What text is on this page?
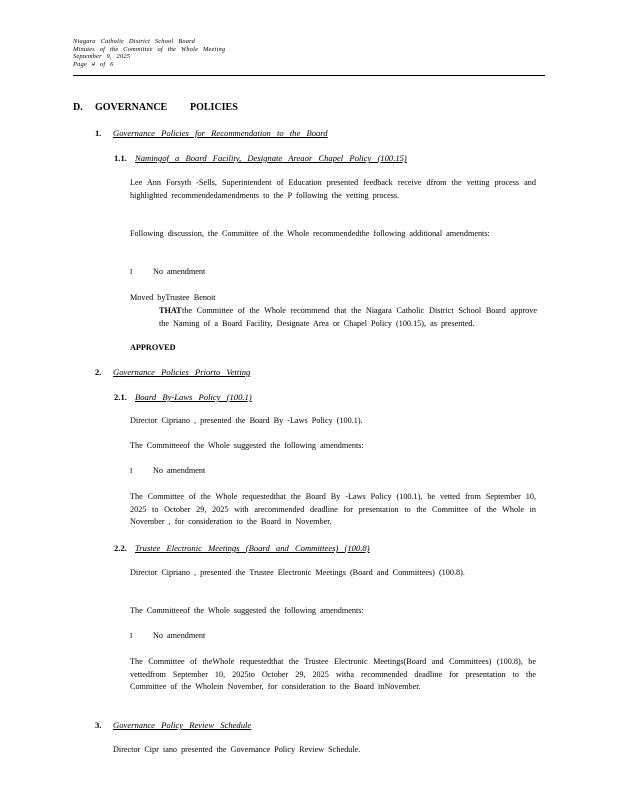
Niagara Catholic District School Board
Minutes of the Committee of the Whole Meeting
September 9, 2025
Page 4 of 6
D. GOVERNANCE POLICIES
1. Governance Policies for Recommendation to the Board
1.1. Namingof a Board Facility, Designate Areaor Chapel Policy (100.15)
Lee Ann Forsyth -Sells, Superintendent of Education presented feedback receive dfrom the vetting process and highlighted recommendedamendments to the P following the vetting process.
Following discussion, the Committee of the Whole recommendedthe following additional amendments:
I	No amendment
Moved byTrustee Benoit
THAT the Committee of the Whole recommend that the Niagara Catholic District School Board approve the Naming of a Board Facility, Designate Area or Chapel Policy (100.15), as presented.
APPROVED
2. Governance Policies Priorto Vetting
2.1. Board By-Laws Policy (100.1)
Director Cipriano , presented the Board By -Laws Policy (100.1).
The Committeeof the Whole suggested the following amendments:
I	No amendment
The Committee of the Whole requestedthat the Board By -Laws Policy (100.1), be vetted from September 10, 2025 to October 29, 2025 with arecommended deadline for presentation to the Committee of the Whole in November , for consideration to the Board in November.
2.2. Trustee Electronic Meetings (Board and Committees) (100.8)
Director Cipriano , presented the Trustee Electronic Meetings (Board and Committees) (100.8).
The Committeeof the Whole suggested the following amendments:
I	No amendment
The Committee of theWhole requestedthat the Trustee Electronic Meetings(Board and Committees) (100.8), be vettedfrom September 10, 2025to October 29, 2025 witha recommended deadline for presentation to the Committee of the Wholein November, for consideration to the Board inNovember.
3. Governance Policy Review Schedule
Director Cipr iano presented the Governance Policy Review Schedule.
